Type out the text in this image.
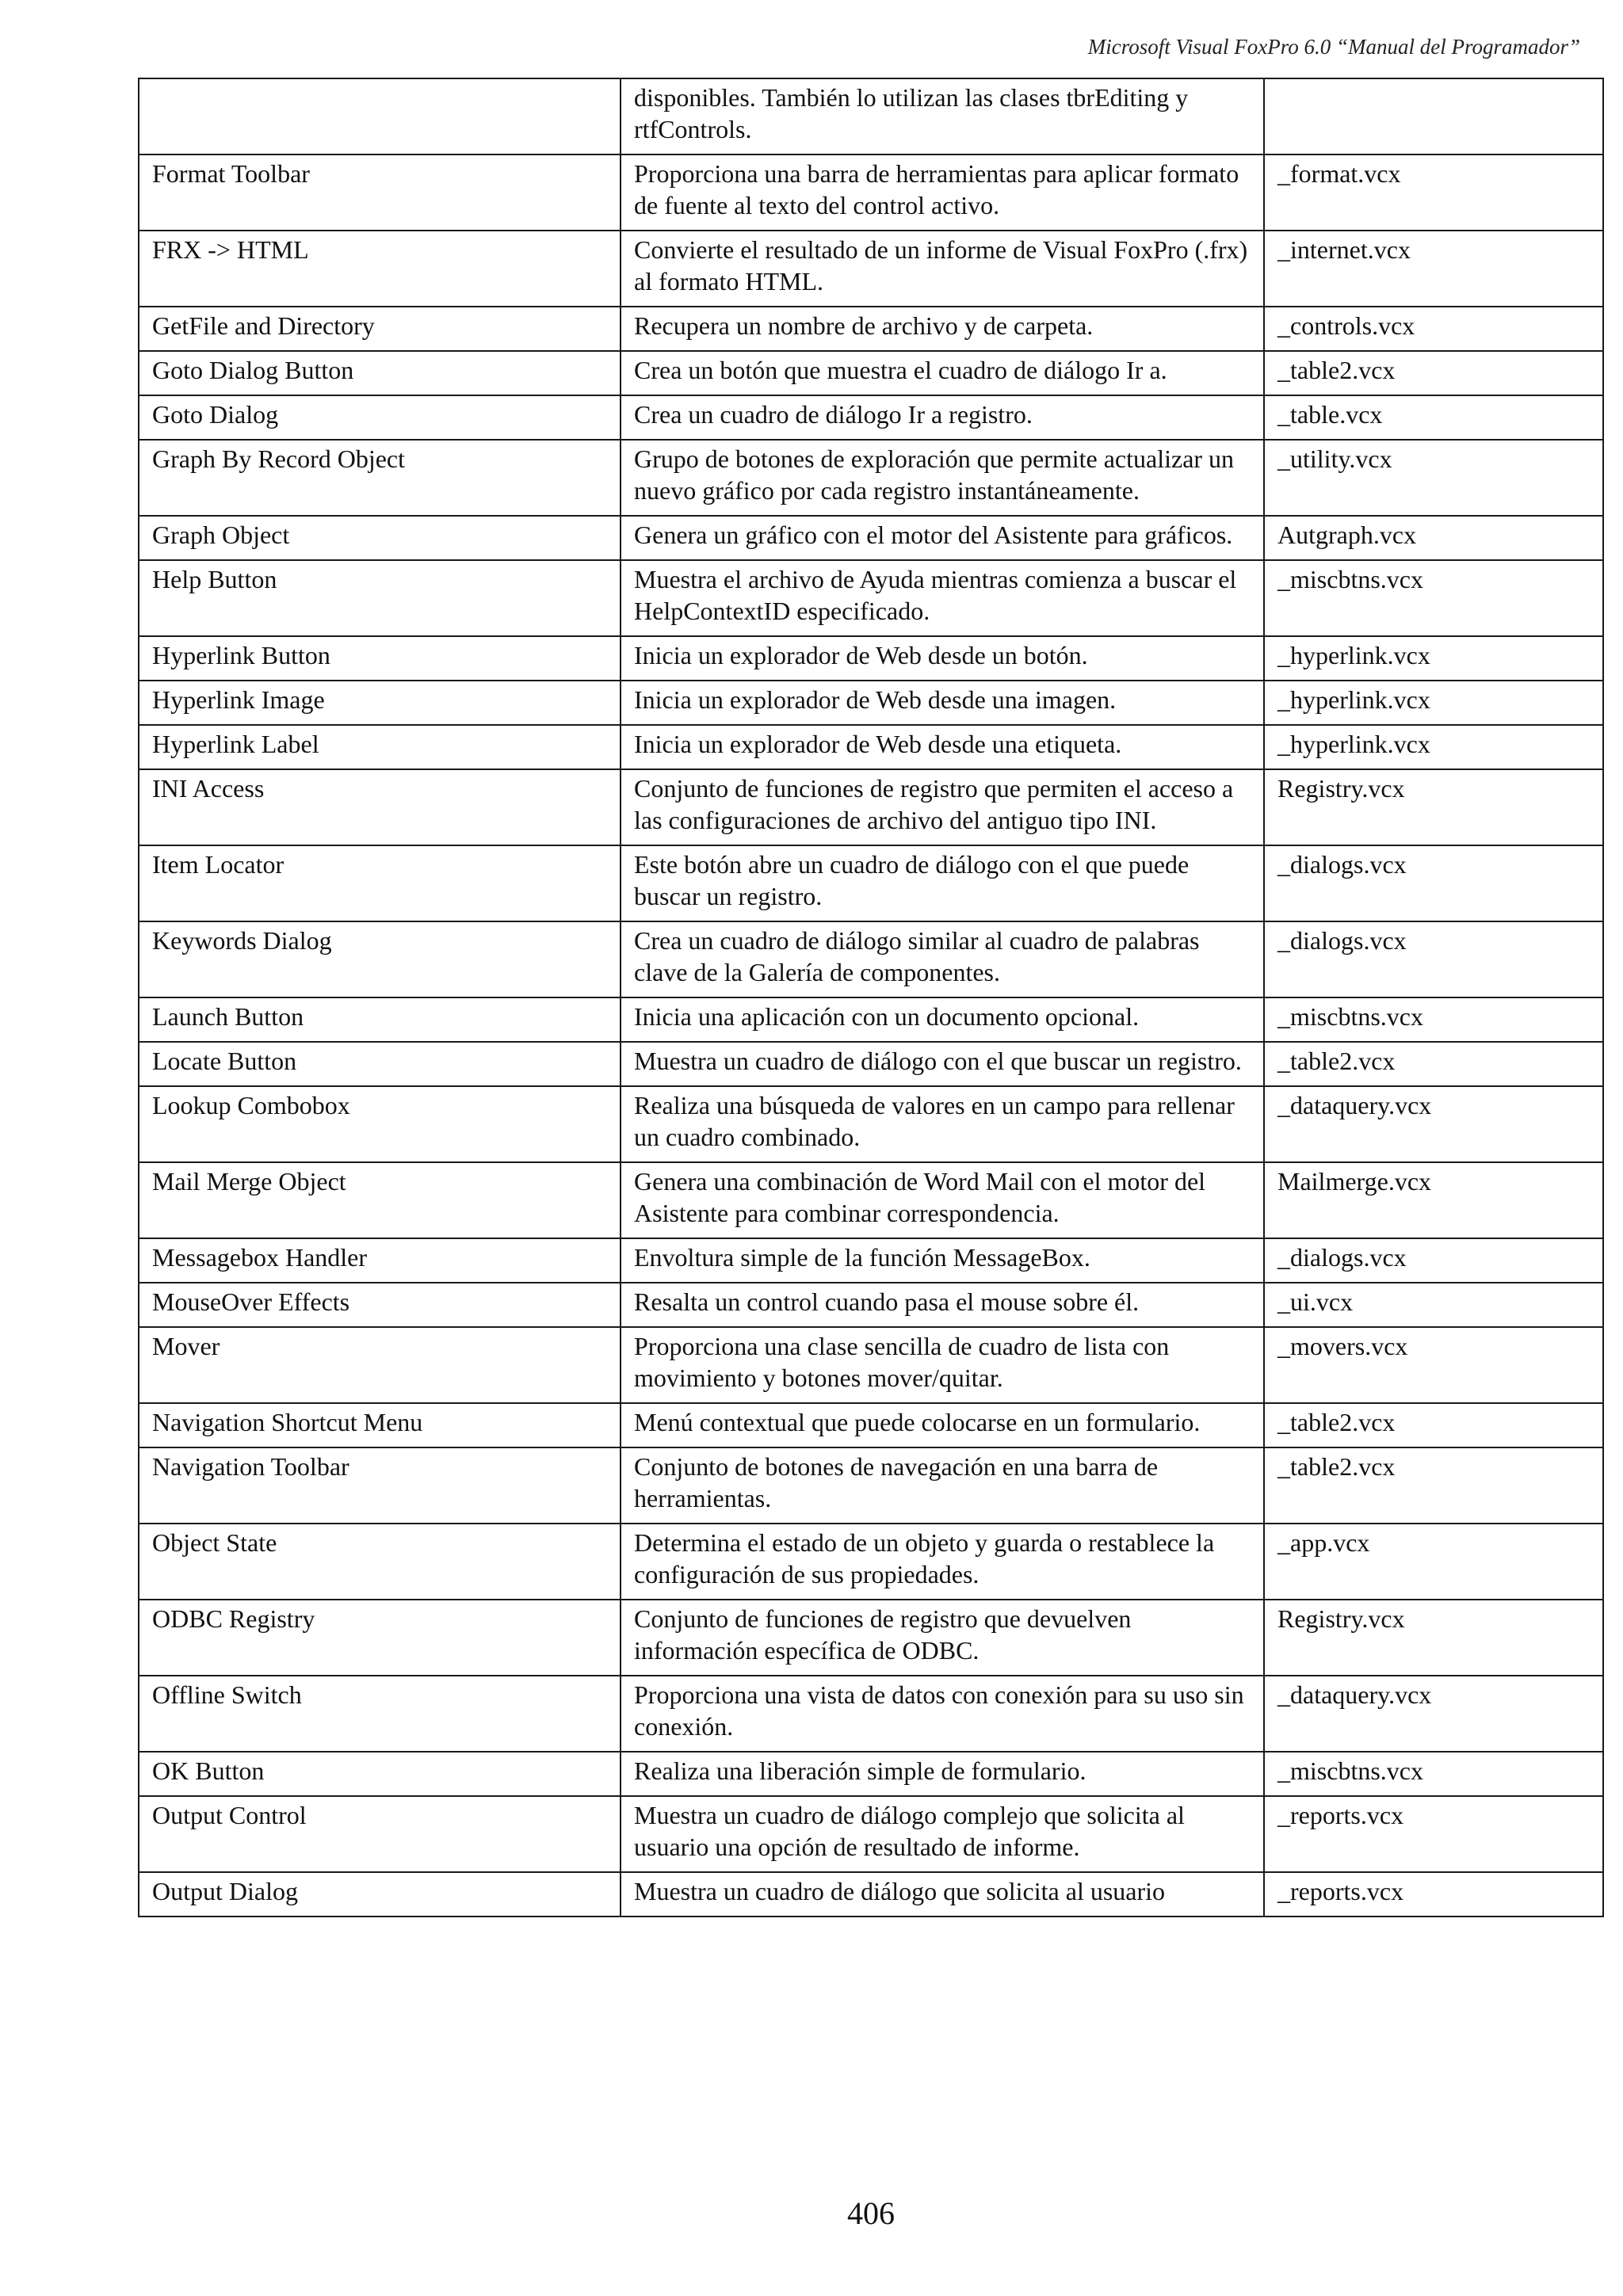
Microsoft Visual FoxPro 6.0 “Manual del Programador”
	disponibles. También lo utilizan las clases tbrEditing y rtfControls.	
Format Toolbar	Proporciona una barra de herramientas para aplicar formato de fuente al texto del control activo.	_format.vcx
FRX -> HTML	Convierte el resultado de un informe de Visual FoxPro (.frx) al formato HTML.	_internet.vcx
GetFile and Directory	Recupera un nombre de archivo y de carpeta.	_controls.vcx
Goto Dialog Button	Crea un botón que muestra el cuadro de diálogo Ir a.	_table2.vcx
Goto Dialog	Crea un cuadro de diálogo Ir a registro.	_table.vcx
Graph By Record Object	Grupo de botones de exploración que permite actualizar un nuevo gráfico por cada registro instantáneamente.	_utility.vcx
Graph Object	Genera un gráfico con el motor del Asistente para gráficos.	Autgraph.vcx
Help Button	Muestra el archivo de Ayuda mientras comienza a buscar el HelpContextID especificado.	_miscbtns.vcx
Hyperlink Button	Inicia un explorador de Web desde un botón.	_hyperlink.vcx
Hyperlink Image	Inicia un explorador de Web desde una imagen.	_hyperlink.vcx
Hyperlink Label	Inicia un explorador de Web desde una etiqueta.	_hyperlink.vcx
INI Access	Conjunto de funciones de registro que permiten el acceso a las configuraciones de archivo del antiguo tipo INI.	Registry.vcx
Item Locator	Este botón abre un cuadro de diálogo con el que puede buscar un registro.	_dialogs.vcx
Keywords Dialog	Crea un cuadro de diálogo similar al cuadro de palabras clave de la Galería de componentes.	_dialogs.vcx
Launch Button	Inicia una aplicación con un documento opcional.	_miscbtns.vcx
Locate Button	Muestra un cuadro de diálogo con el que buscar un registro.	_table2.vcx
Lookup Combobox	Realiza una búsqueda de valores en un campo para rellenar un cuadro combinado.	_dataquery.vcx
Mail Merge Object	Genera una combinación de Word Mail con el motor del Asistente para combinar correspondencia.	Mailmerge.vcx
Messagebox Handler	Envoltura simple de la función MessageBox.	_dialogs.vcx
MouseOver Effects	Resalta un control cuando pasa el mouse sobre él.	_ui.vcx
Mover	Proporciona una clase sencilla de cuadro de lista con movimiento y botones mover/quitar.	_movers.vcx
Navigation Shortcut Menu	Menú contextual que puede colocarse en un formulario.	_table2.vcx
Navigation Toolbar	Conjunto de botones de navegación en una barra de herramientas.	_table2.vcx
Object State	Determina el estado de un objeto y guarda o restablece la configuración de sus propiedades.	_app.vcx
ODBC Registry	Conjunto de funciones de registro que devuelven información específica de ODBC.	Registry.vcx
Offline Switch	Proporciona una vista de datos con conexión para su uso sin conexión.	_dataquery.vcx
OK Button	Realiza una liberación simple de formulario.	_miscbtns.vcx
Output Control	Muestra un cuadro de diálogo complejo que solicita al usuario una opción de resultado de informe.	_reports.vcx
Output Dialog	Muestra un cuadro de diálogo que solicita al usuario	_reports.vcx
406
